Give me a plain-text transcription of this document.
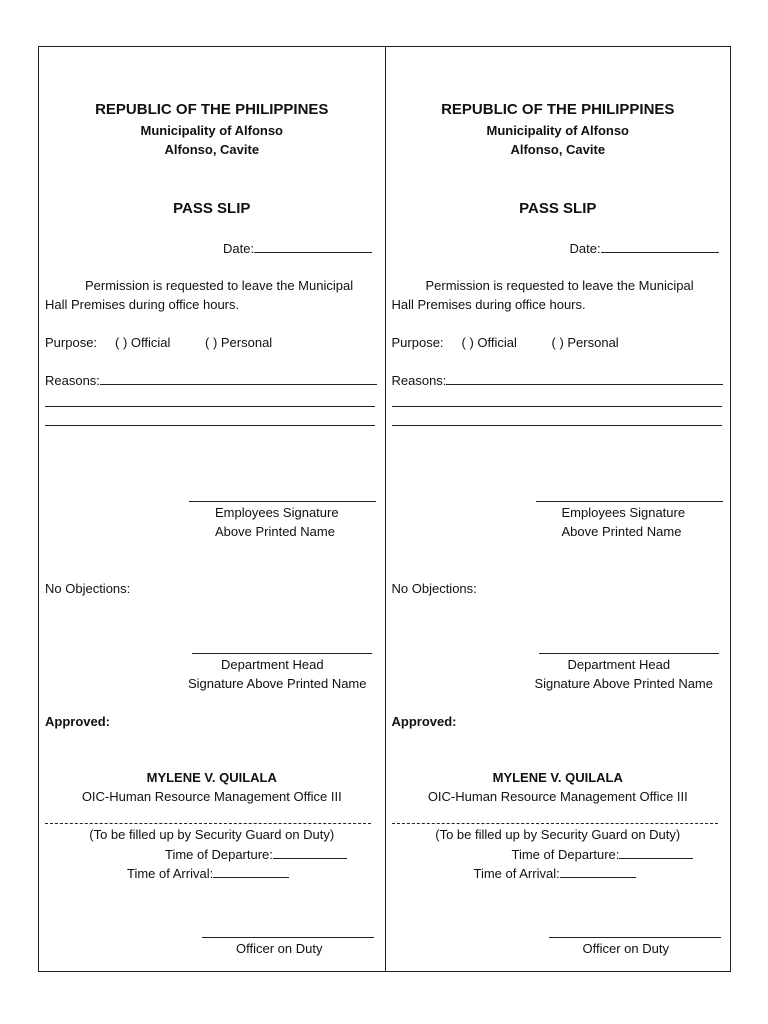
REPUBLIC OF THE PHILIPPINES
Municipality of Alfonso
Alfonso, Cavite
PASS SLIP
Date:
Permission is requested to leave the Municipal
Hall Premises during office hours.
Purpose: ( ) Official	( ) Personal
Reasons:
Employees Signature
Above Printed Name
No Objections:
Department Head
Signature Above Printed Name
Approved:
MYLENE V. QUILALA
OIC-Human Resource Management Office III
(To be filled up by Security Guard on Duty)
Time of Departure:
Time of Arrival:
Officer on Duty
REPUBLIC OF THE PHILIPPINES
Municipality of Alfonso
Alfonso, Cavite
PASS SLIP
Date:
Permission is requested to leave the Municipal
Hall Premises during office hours.
Purpose: ( ) Official	( ) Personal
Reasons:
Employees Signature
Above Printed Name
No Objections:
Department Head
Signature Above Printed Name
Approved:
MYLENE V. QUILALA
OIC-Human Resource Management Office III
(To be filled up by Security Guard on Duty)
Time of Departure:
Time of Arrival:
Officer on Duty
